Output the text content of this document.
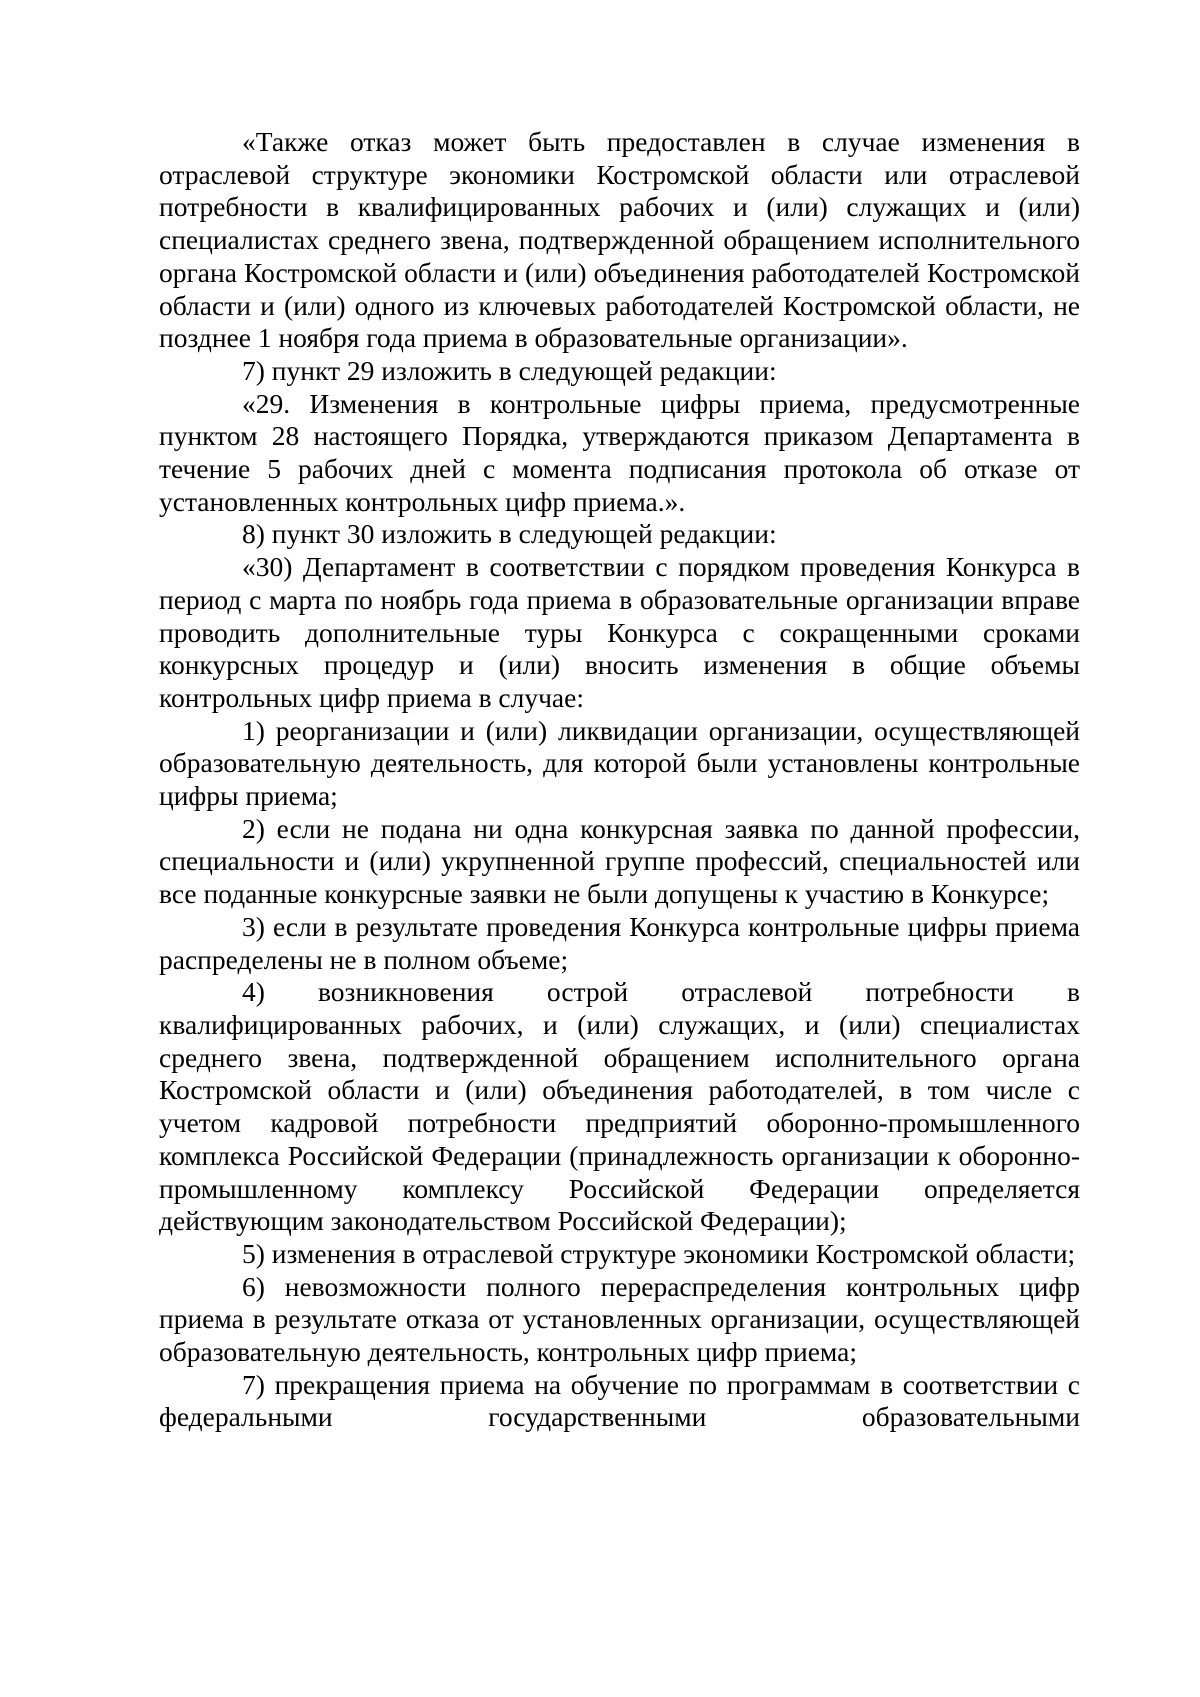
«Также отказ может быть предоставлен в случае изменения в отраслевой структуре экономики Костромской области или отраслевой потребности в квалифицированных рабочих и (или) служащих и (или) специалистах среднего звена, подтвержденной обращением исполнительного органа Костромской области и (или) объединения работодателей Костромской области и (или) одного из ключевых работодателей Костромской области, не позднее 1 ноября года приема в образовательные организации».

7) пункт 29 изложить в следующей редакции:

«29. Изменения в контрольные цифры приема, предусмотренные пунктом 28 настоящего Порядка, утверждаются приказом Департамента в течение 5 рабочих дней с момента подписания протокола об отказе от установленных контрольных цифр приема.».

8) пункт 30 изложить в следующей редакции:

«30) Департамент в соответствии с порядком проведения Конкурса в период с марта по ноябрь года приема в образовательные организации вправе проводить дополнительные туры Конкурса с сокращенными сроками конкурсных процедур и (или) вносить изменения в общие объемы контрольных цифр приема в случае:

1) реорганизации и (или) ликвидации организации, осуществляющей образовательную деятельность, для которой были установлены контрольные цифры приема;

2) если не подана ни одна конкурсная заявка по данной профессии, специальности и (или) укрупненной группе профессий, специальностей или все поданные конкурсные заявки не были допущены к участию в Конкурсе;

3) если в результате проведения Конкурса контрольные цифры приема распределены не в полном объеме;

4) возникновения острой отраслевой потребности в квалифицированных рабочих, и (или) служащих, и (или) специалистах среднего звена, подтвержденной обращением исполнительного органа Костромской области и (или) объединения работодателей, в том числе с учетом кадровой потребности предприятий оборонно-промышленного комплекса Российской Федерации (принадлежность организации к оборонно-промышленному комплексу Российской Федерации определяется действующим законодательством Российской Федерации);

5) изменения в отраслевой структуре экономики Костромской области;

6) невозможности полного перераспределения контрольных цифр приема в результате отказа от установленных организации, осуществляющей образовательную деятельность, контрольных цифр приема;

7) прекращения приема на обучение по программам в соответствии с федеральными государственными образовательными
